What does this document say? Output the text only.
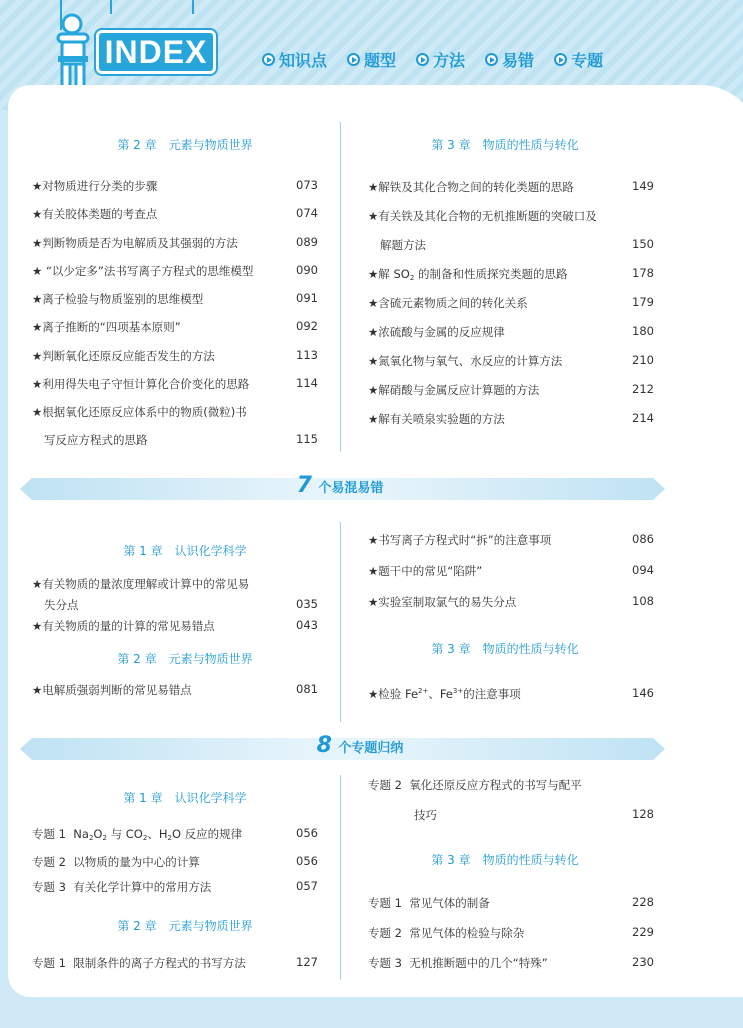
INDEX	知识点 题型 方法 易错 专题
第 2 章　元素与物质世界	第 3 章　物质的性质与转化
★对物质进行分类的步骤	073
★有关胶体类题的考查点	074
★判断物质是否为电解质及其强弱的方法	089
★ “以少定多”法书写离子方程式的思维模型	090
★离子检验与物质鉴别的思维模型	091
★离子推断的“四项基本原则”	092
★判断氧化还原反应能否发生的方法	113
★利用得失电子守恒计算化合价变化的思路	114
★根据氧化还原反应体系中的物质(微粒)书
写反应方程式的思路	115
★解铁及其化合物之间的转化类题的思路	149
★有关铁及其化合物的无机推断题的突破口及
解题方法	150
★解 $SO_2$ 的制备和性质探究类题的思路	178
★含硫元素物质之间的转化关系	179
★浓硫酸与金属的反应规律	180
★氮氧化物与氧气、水反应的计算方法	210
★解硝酸与金属反应计算题的方法	212
★解有关喷泉实验题的方法	214
7 个易混易错
第 1 章　认识化学科学
★有关物质的量浓度理解或计算中的常见易
失分点	035
★有关物质的量的计算的常见易错点	043
第 2 章　元素与物质世界
★电解质强弱判断的常见易错点	081
★书写离子方程式时“拆”的注意事项	086
★题干中的常见“陷阱”	094
★实验室制取氯气的易失分点	108
第 3 章　物质的性质与转化
★检验 $Fe^{2+}$、$Fe^{3+}$的注意事项	146
8 个专题归纳
第 1 章　认识化学科学
专题 1 $Na_2O_2$ 与 $CO_2$、$H_2O$ 反应的规律	056
专题 2 以物质的量为中心的计算	056
专题 3 有关化学计算中的常用方法	057
第 2 章　元素与物质世界
专题 1 限制条件的离子方程式的书写方法	127
专题 2 氧化还原反应方程式的书写与配平
技巧	128
第 3 章　物质的性质与转化
专题 1 常见气体的制备	228
专题 2 常见气体的检验与除杂	229
专题 3 无机推断题中的几个“特殊”	230
